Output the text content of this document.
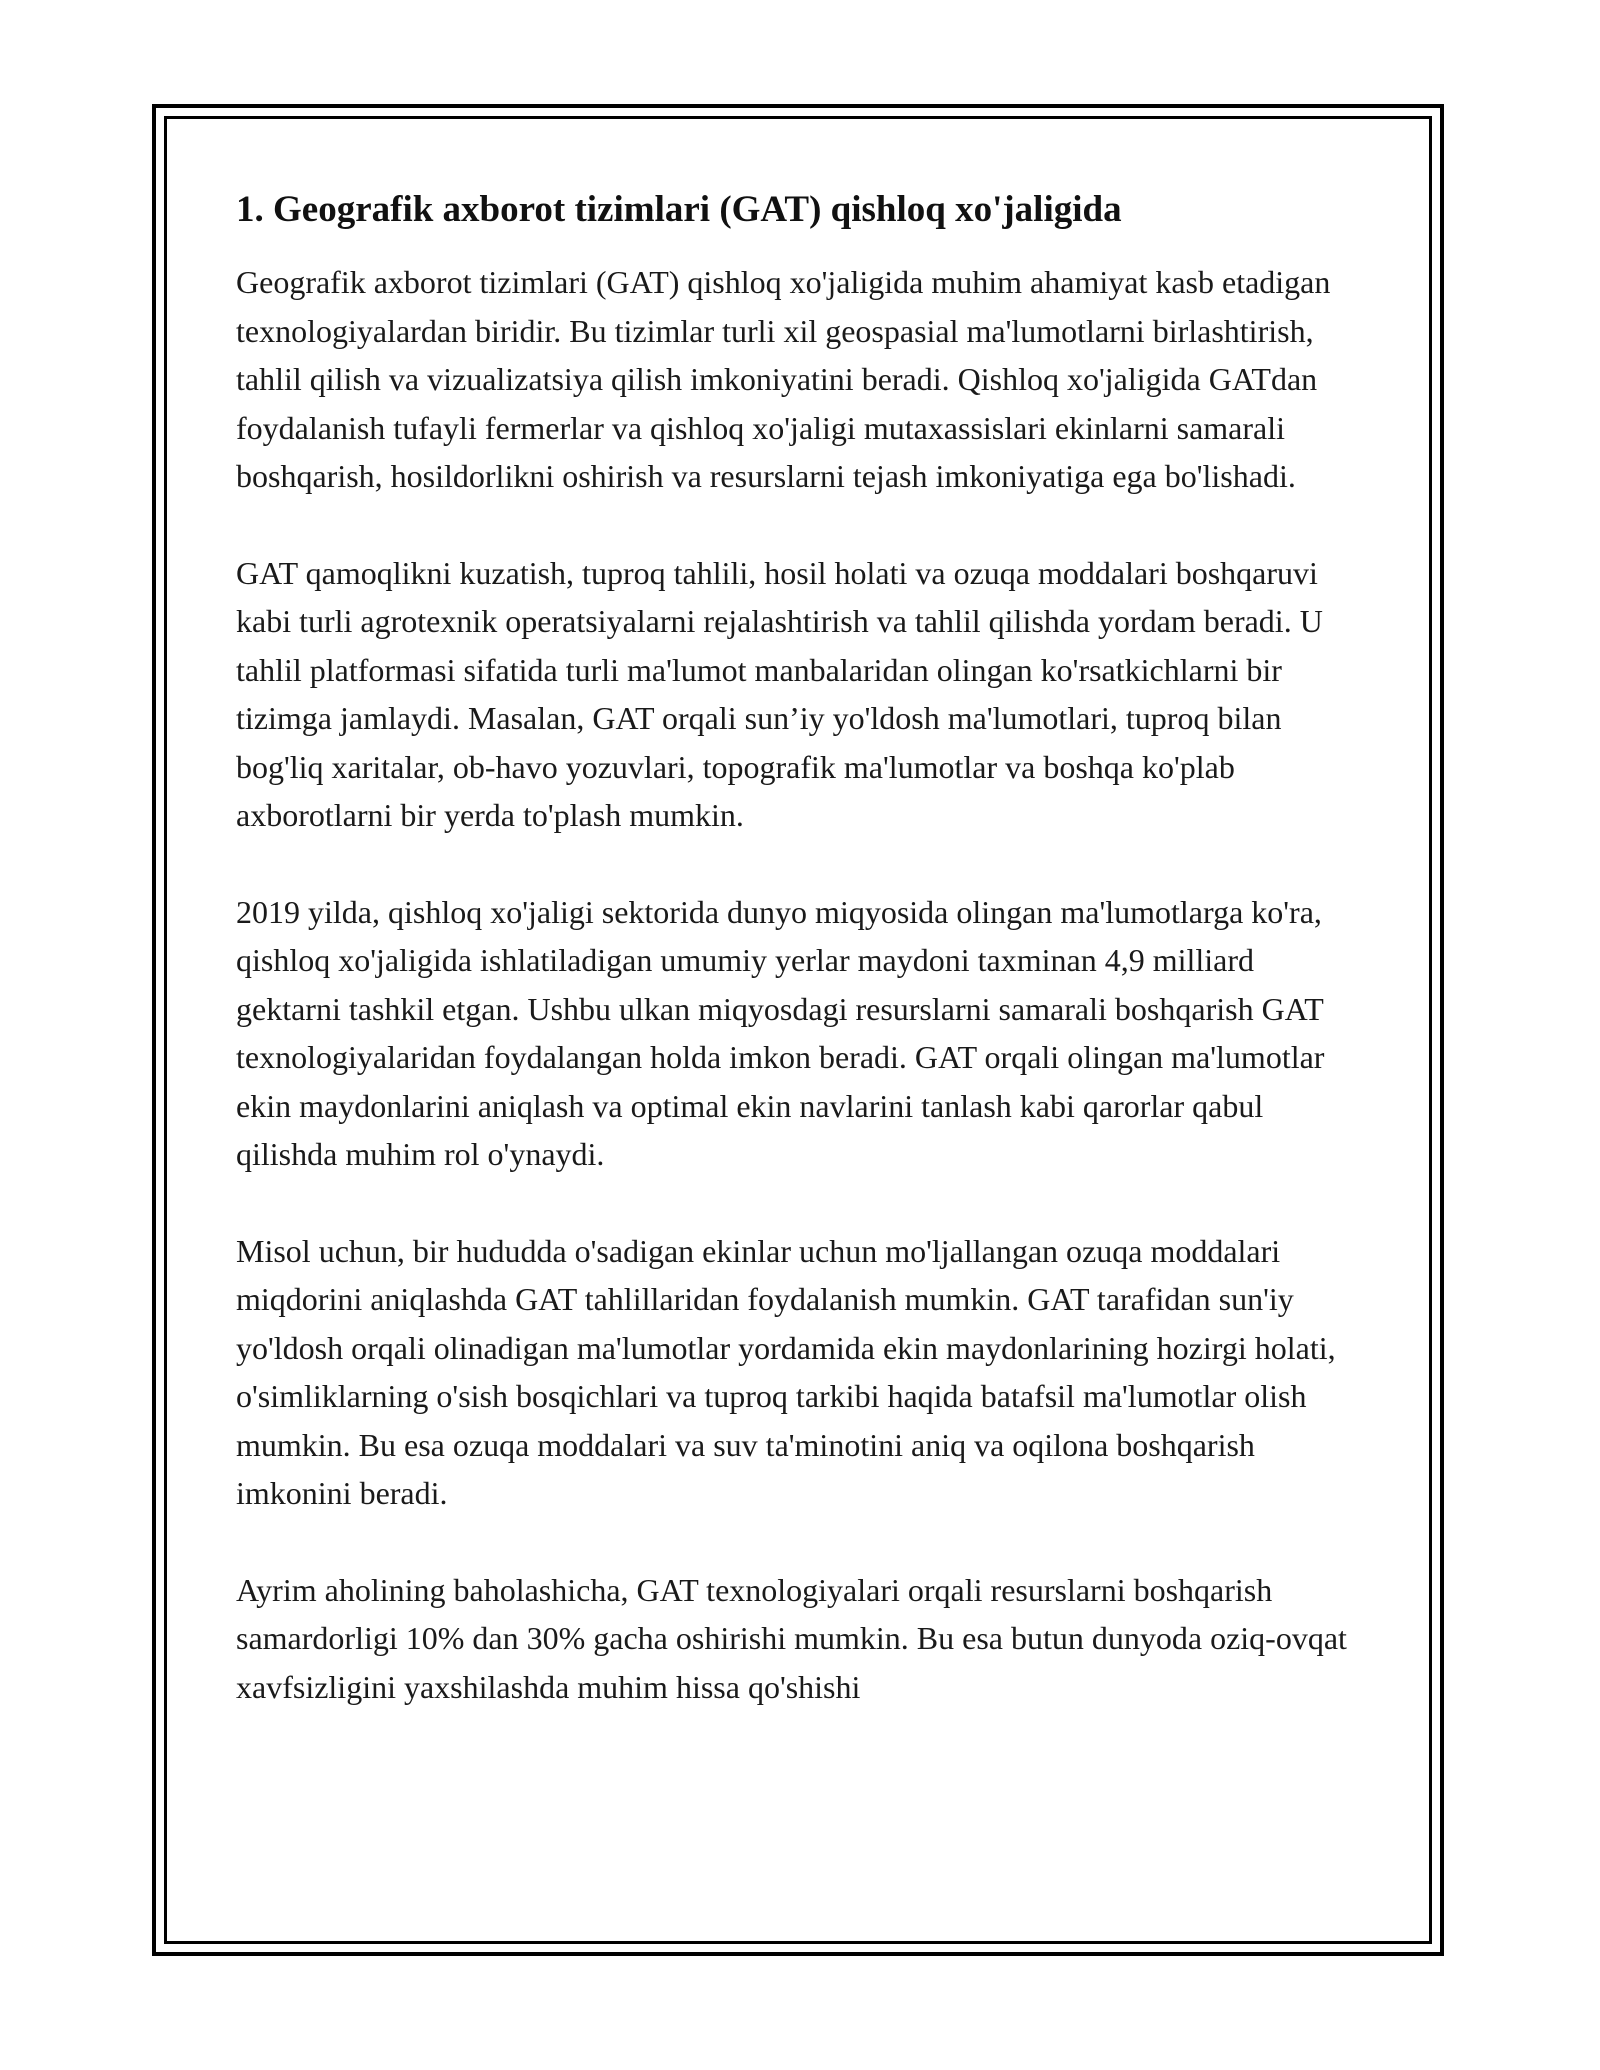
1. Geografik axborot tizimlari (GAT) qishloq xo'jaligida

Geografik axborot tizimlari (GAT) qishloq xo'jaligida muhim ahamiyat kasb etadigan texnologiyalardan biridir. Bu tizimlar turli xil geospasial ma'lumotlarni birlashtirish, tahlil qilish va vizualizatsiya qilish imkoniyatini beradi. Qishloq xo'jaligida GATdan foydalanish tufayli fermerlar va qishloq xo'jaligi mutaxassislari ekinlarni samarali boshqarish, hosildorlikni oshirish va resurslarni tejash imkoniyatiga ega bo'lishadi.

GAT qamoqlikni kuzatish, tuproq tahlili, hosil holati va ozuqa moddalari boshqaruvi kabi turli agrotexnik operatsiyalarni rejalashtirish va tahlil qilishda yordam beradi. U tahlil platformasi sifatida turli ma'lumot manbalaridan olingan ko'rsatkichlarni bir tizimga jamlaydi. Masalan, GAT orqali sun’iy yo'ldosh ma'lumotlari, tuproq bilan bog'liq xaritalar, ob-havo yozuvlari, topografik ma'lumotlar va boshqa ko'plab axborotlarni bir yerda to'plash mumkin.

2019 yilda, qishloq xo'jaligi sektorida dunyo miqyosida olingan ma'lumotlarga ko'ra, qishloq xo'jaligida ishlatiladigan umumiy yerlar maydoni taxminan 4,9 milliard gektarni tashkil etgan. Ushbu ulkan miqyosdagi resurslarni samarali boshqarish GAT texnologiyalaridan foydalangan holda imkon beradi. GAT orqali olingan ma'lumotlar ekin maydonlarini aniqlash va optimal ekin navlarini tanlash kabi qarorlar qabul qilishda muhim rol o'ynaydi.

Misol uchun, bir hududda o'sadigan ekinlar uchun mo'ljallangan ozuqa moddalari miqdorini aniqlashda GAT tahlillaridan foydalanish mumkin. GAT tarafidan sun'iy yo'ldosh orqali olinadigan ma'lumotlar yordamida ekin maydonlarining hozirgi holati, o'simliklarning o'sish bosqichlari va tuproq tarkibi haqida batafsil ma'lumotlar olish mumkin. Bu esa ozuqa moddalari va suv ta'minotini aniq va oqilona boshqarish imkonini beradi.

Ayrim aholining baholashicha, GAT texnologiyalari orqali resurslarni boshqarish samardorligi 10% dan 30% gacha oshirishi mumkin. Bu esa butun dunyoda oziq-ovqat xavfsizligini yaxshilashda muhim hissa qo'shishi
